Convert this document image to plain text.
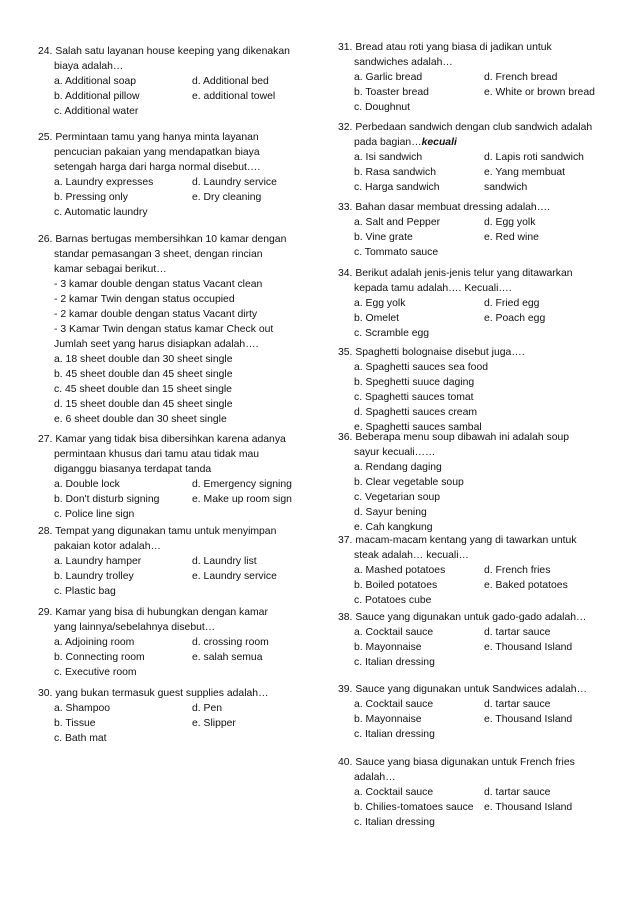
24. Salah satu layanan house keeping yang dikenakan
biaya adalah…
a. Additional soap	d. Additional bed
b. Additional pillow	e. additional towel
c. Additional water
25. Permintaan tamu yang hanya minta layanan
pencucian pakaian yang mendapatkan biaya
setengah harga dari harga normal disebut….
a. Laundry expresses	d. Laundry service
b. Pressing only	e. Dry cleaning
c. Automatic laundry
26. Barnas bertugas membersihkan 10 kamar dengan
standar pemasangan 3 sheet, dengan rincian
kamar sebagai berikut…
- 3 kamar double dengan status Vacant clean
- 2 kamar Twin dengan status occupied
- 2 kamar double dengan status Vacant dirty
- 3 Kamar Twin dengan status kamar Check out
Jumlah seet yang harus disiapkan adalah….
a. 18 sheet double dan 30 sheet single
b. 45 sheet double dan 45 sheet single
c. 45 sheet double dan 15 sheet single
d. 15 sheet double dan 45 sheet single
e. 6 sheet double dan 30 sheet single
27. Kamar yang tidak bisa dibersihkan karena adanya
permintaan khusus dari tamu atau tidak mau
diganggu biasanya terdapat tanda
a. Double lock	d. Emergency signing
b. Don't disturb signing	e. Make up room sign
c. Police line sign
28. Tempat yang digunakan tamu untuk menyimpan
pakaian kotor adalah…
a. Laundry hamper	d. Laundry list
b. Laundry trolley	e. Laundry service
c. Plastic bag
29. Kamar yang bisa di hubungkan dengan kamar
yang lainnya/sebelahnya disebut…
a. Adjoining room	d. crossing room
b. Connecting room	e. salah semua
c. Executive room
30. yang bukan termasuk guest supplies adalah…
a. Shampoo	d. Pen
b. Tissue	e. Slipper
c. Bath mat
31. Bread atau roti yang biasa di jadikan untuk
sandwiches adalah…
a. Garlic bread	d. French bread
b. Toaster bread	e. White or brown bread
c. Doughnut
32. Perbedaan sandwich dengan club sandwich adalah
pada bagian…kecuali
a. Isi sandwich	d. Lapis roti sandwich
b. Rasa sandwich	e. Yang membuat
c. Harga sandwich	sandwich
33. Bahan dasar membuat dressing adalah….
a. Salt and Pepper	d. Egg yolk
b. Vine grate	e. Red wine
c. Tommato sauce
34. Berikut adalah jenis-jenis telur yang ditawarkan
kepada tamu adalah…. Kecuali….
a. Egg yolk	d. Fried egg
b. Omelet	e. Poach egg
c. Scramble egg
35. Spaghetti bolognaise disebut juga….
a. Spaghetti sauces sea food
b. Speghetti suuce daging
c. Spaghetti sauces tomat
d. Spaghetti sauces cream
e. Spaghetti sauces sambal
36. Beberapa menu soup dibawah ini adalah soup
sayur kecuali……
a. Rendang daging
b. Clear vegetable soup
c. Vegetarian soup
d. Sayur bening
e. Cah kangkung
37. macam-macam kentang yang di tawarkan untuk
steak adalah… kecuali…
a. Mashed potatoes	d. French fries
b. Boiled potatoes	e. Baked potatoes
c. Potatoes cube
38. Sauce yang digunakan untuk gado-gado adalah…
a. Cocktail sauce	d. tartar sauce
b. Mayonnaise	e. Thousand Island
c. Italian dressing
39. Sauce yang digunakan untuk Sandwices adalah…
a. Cocktail sauce	d. tartar sauce
b. Mayonnaise	e. Thousand Island
c. Italian dressing
40. Sauce yang biasa digunakan untuk French fries
adalah…
a. Cocktail sauce	d. tartar sauce
b. Chilies-tomatoes sauce e. Thousand Island
c. Italian dressing
